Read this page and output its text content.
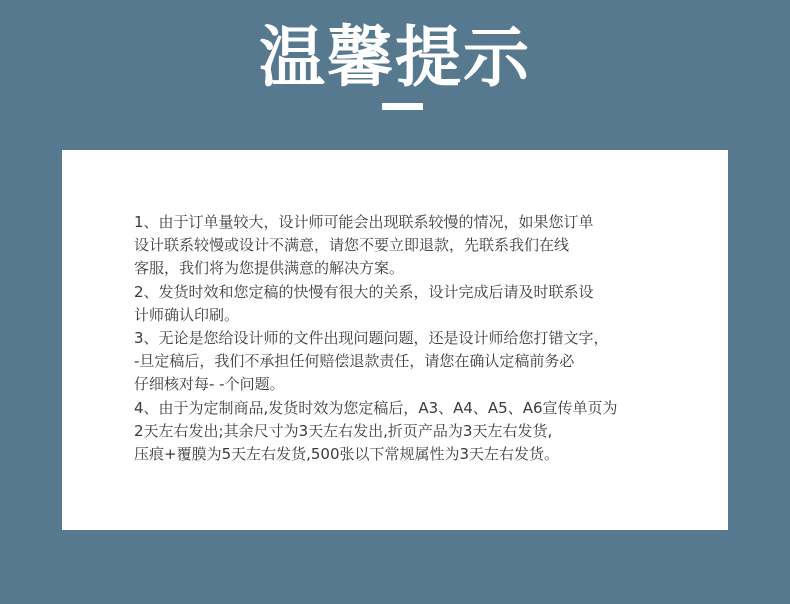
温馨提示
1、由于订单量较大，设计师可能会出现联系较慢的情况，如果您订单
设计联系较慢或设计不满意，请您不要立即退款，先联系我们在线
客服，我们将为您提供满意的解决方案。
2、发货时效和您定稿的快慢有很大的关系，设计完成后请及时联系设
计师确认印刷。
3、无论是您给设计师的文件出现问题问题，还是设计师给您打错文字，
-旦定稿后，我们不承担任何赔偿退款责任，请您在确认定稿前务必
仔细核对每- -个问题。
4、由于为定制商品,发货时效为您定稿后，A3、A4、A5、A6宣传单页为
2天左右发出;其余尺寸为3天左右发出,折页产品为3天左右发货,
压痕+覆膜为5天左右发货,500张以下常规属性为3天左右发货。
